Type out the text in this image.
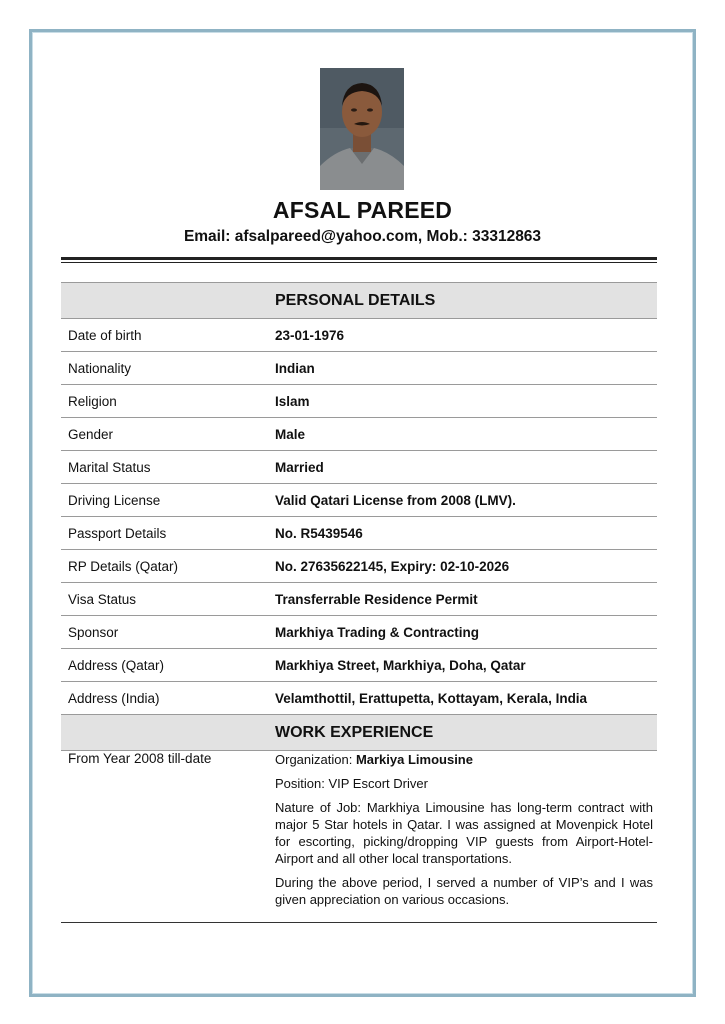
AFSAL PAREED
Email: afsalpareed@yahoo.com, Mob.: 33312863
	PERSONAL DETAILS
Date of birth	23-01-1976
Nationality	Indian
Religion	Islam
Gender	Male
Marital Status	Married
Driving License	Valid Qatari License from 2008 (LMV).
Passport Details	No. R5439546
RP Details (Qatar)	No. 27635622145, Expiry: 02-10-2026
Visa Status	Transferrable Residence Permit
Sponsor	Markhiya Trading & Contracting
Address (Qatar)	Markhiya Street, Markhiya, Doha, Qatar
Address (India)	Velamthottil, Erattupetta, Kottayam, Kerala, India
	WORK EXPERIENCE
From Year 2008 till-date	Organization: Markiya Limousine

Position: VIP Escort Driver

Nature of Job: Markhiya Limousine has long-term contract with major 5 Star hotels in Qatar. I was assigned at Movenpick Hotel for escorting, picking/dropping VIP guests from Airport-Hotel-Airport and all other local transportations.

During the above period, I served a number of VIP’s and I was given appreciation on various occasions.
